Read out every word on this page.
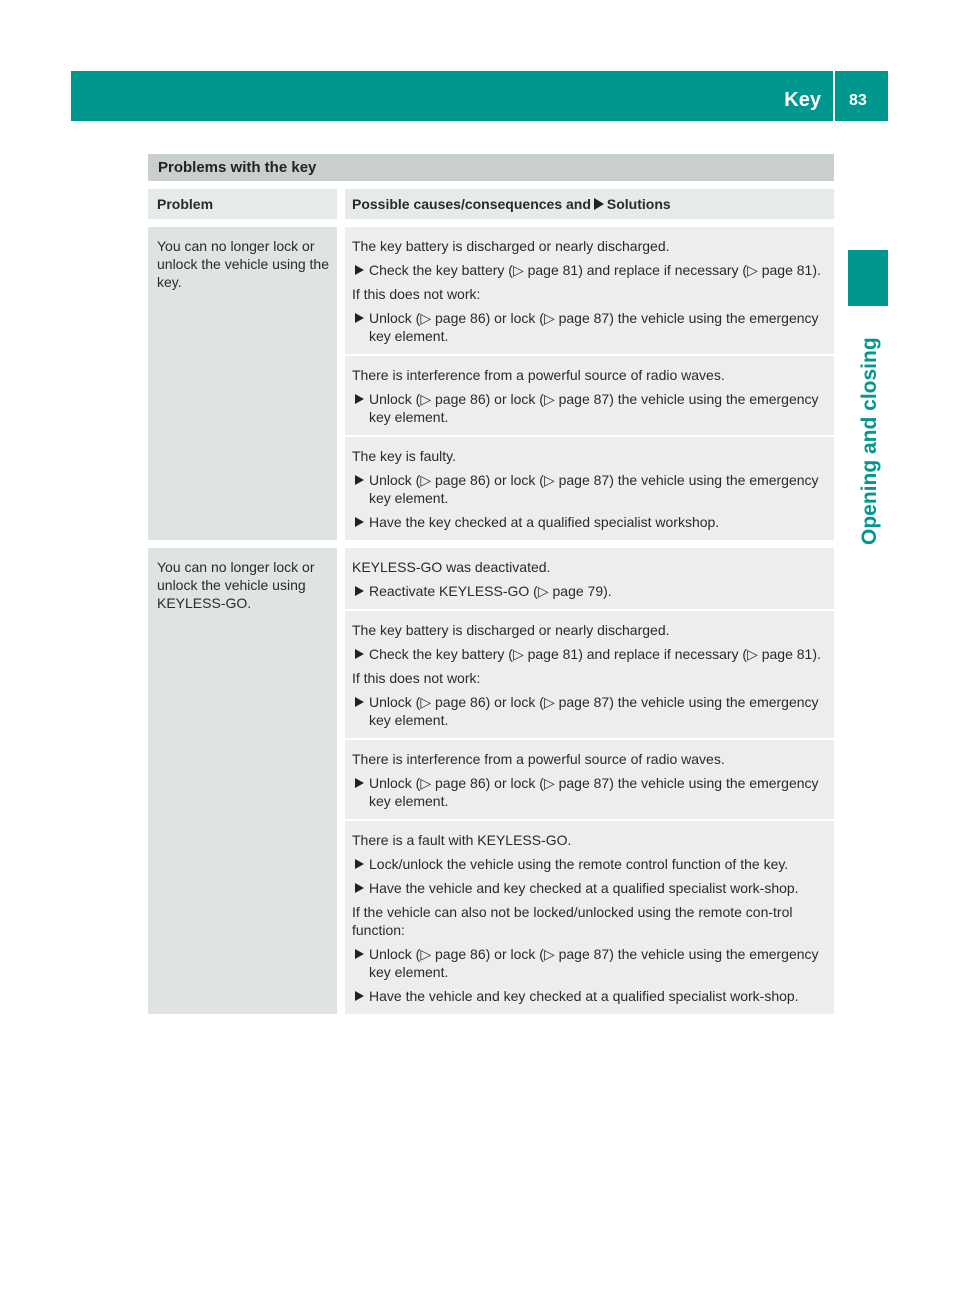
Key 83
Opening and closing
Problems with the key
Problem	Possible causes/consequences and Solutions
You can no longer lock or unlock the vehicle using the key.

The key battery is discharged or nearly discharged.

Check the key battery (▷ page 81) and replace if necessary (▷ page 81).

If this does not work:

Unlock (▷ page 86) or lock (▷ page 87) the vehicle using the emergency key element.

There is interference from a powerful source of radio waves.

Unlock (▷ page 86) or lock (▷ page 87) the vehicle using the emergency key element.

The key is faulty.

Unlock (▷ page 86) or lock (▷ page 87) the vehicle using the emergency key element.
Have the key checked at a qualified specialist workshop.
You can no longer lock or unlock the vehicle using KEYLESS-GO.

KEYLESS-GO was deactivated.

Reactivate KEYLESS-GO (▷ page 79).

The key battery is discharged or nearly discharged.

Check the key battery (▷ page 81) and replace if necessary (▷ page 81).

If this does not work:

Unlock (▷ page 86) or lock (▷ page 87) the vehicle using the emergency key element.

There is interference from a powerful source of radio waves.

Unlock (▷ page 86) or lock (▷ page 87) the vehicle using the emergency key element.

There is a fault with KEYLESS-GO.

Lock/unlock the vehicle using the remote control function of the key.
Have the vehicle and key checked at a qualified specialist work-shop.

If the vehicle can also not be locked/unlocked using the remote con-trol function:

Unlock (▷ page 86) or lock (▷ page 87) the vehicle using the emergency key element.
Have the vehicle and key checked at a qualified specialist work-shop.
